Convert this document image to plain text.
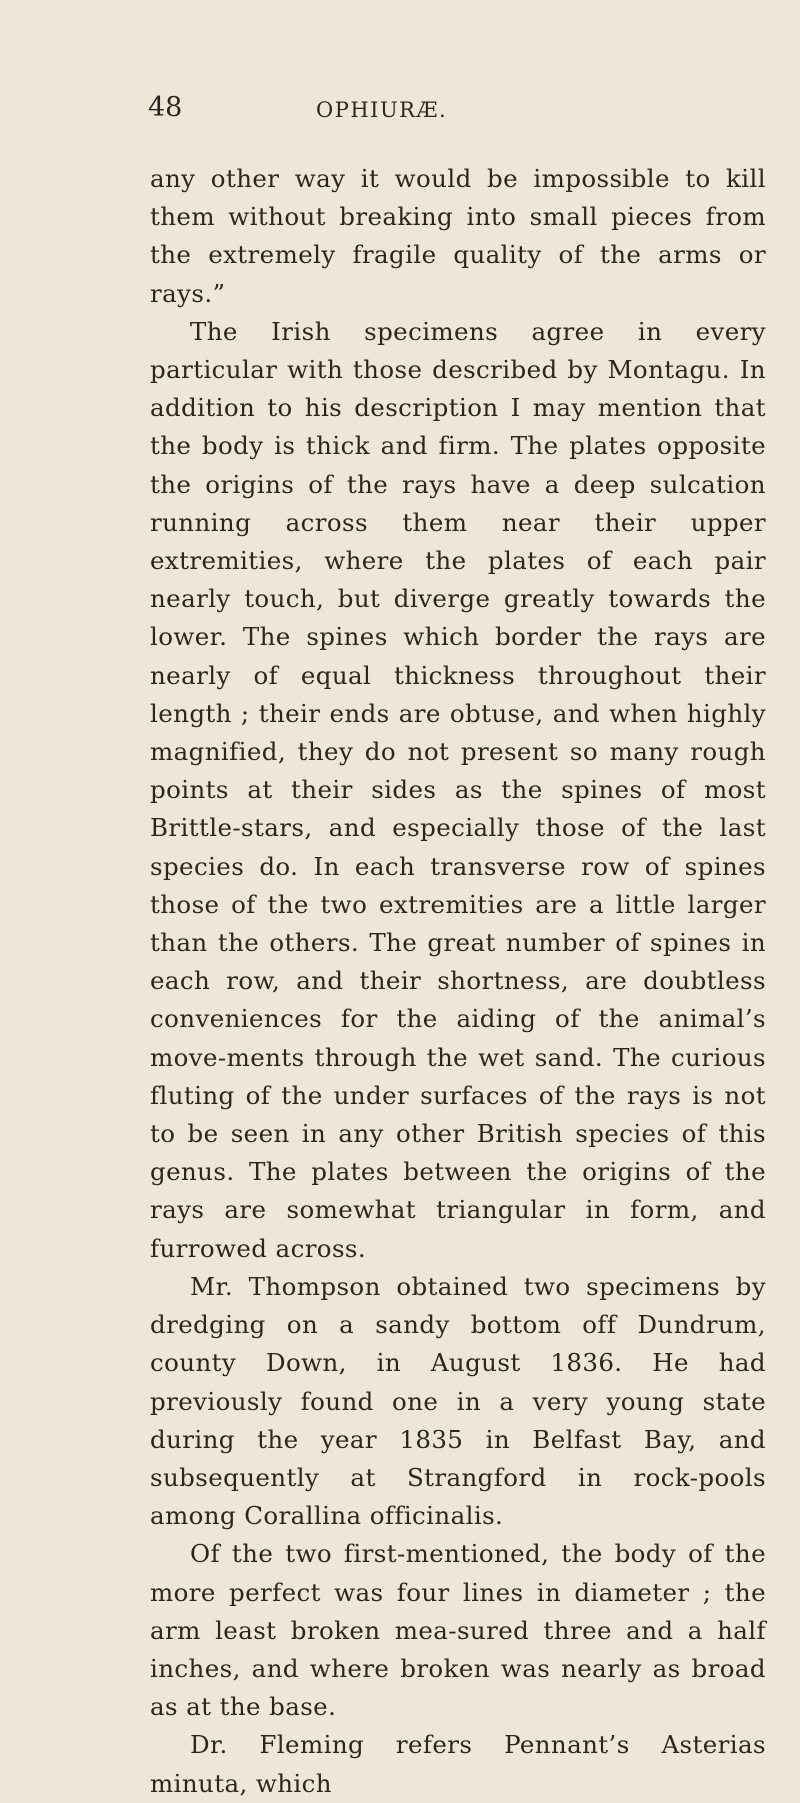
48	OPHIURÆ.

any other way it would be impossible to kill them without breaking into small pieces from the extremely fragile quality of the arms or rays.”

The Irish specimens agree in every particular with those described by Montagu. In addition to his description I may mention that the body is thick and firm. The plates opposite the origins of the rays have a deep sulcation running across them near their upper extremities, where the plates of each pair nearly touch, but diverge greatly towards the lower. The spines which border the rays are nearly of equal thickness throughout their length ; their ends are obtuse, and when highly magnified, they do not present so many rough points at their sides as the spines of most Brittle-stars, and especially those of the last species do. In each transverse row of spines those of the two extremities are a little larger than the others. The great number of spines in each row, and their shortness, are doubtless conveniences for the aiding of the animal’s move-ments through the wet sand. The curious fluting of the under surfaces of the rays is not to be seen in any other British species of this genus. The plates between the origins of the rays are somewhat triangular in form, and furrowed across.

Mr. Thompson obtained two specimens by dredging on a sandy bottom off Dundrum, county Down, in August 1836. He had previously found one in a very young state during the year 1835 in Belfast Bay, and subsequently at Strangford in rock-pools among Corallina officinalis.

Of the two first-mentioned, the body of the more perfect was four lines in diameter ; the arm least broken mea-sured three and a half inches, and where broken was nearly as broad as at the base.

Dr. Fleming refers Pennant’s Asterias minuta, which
